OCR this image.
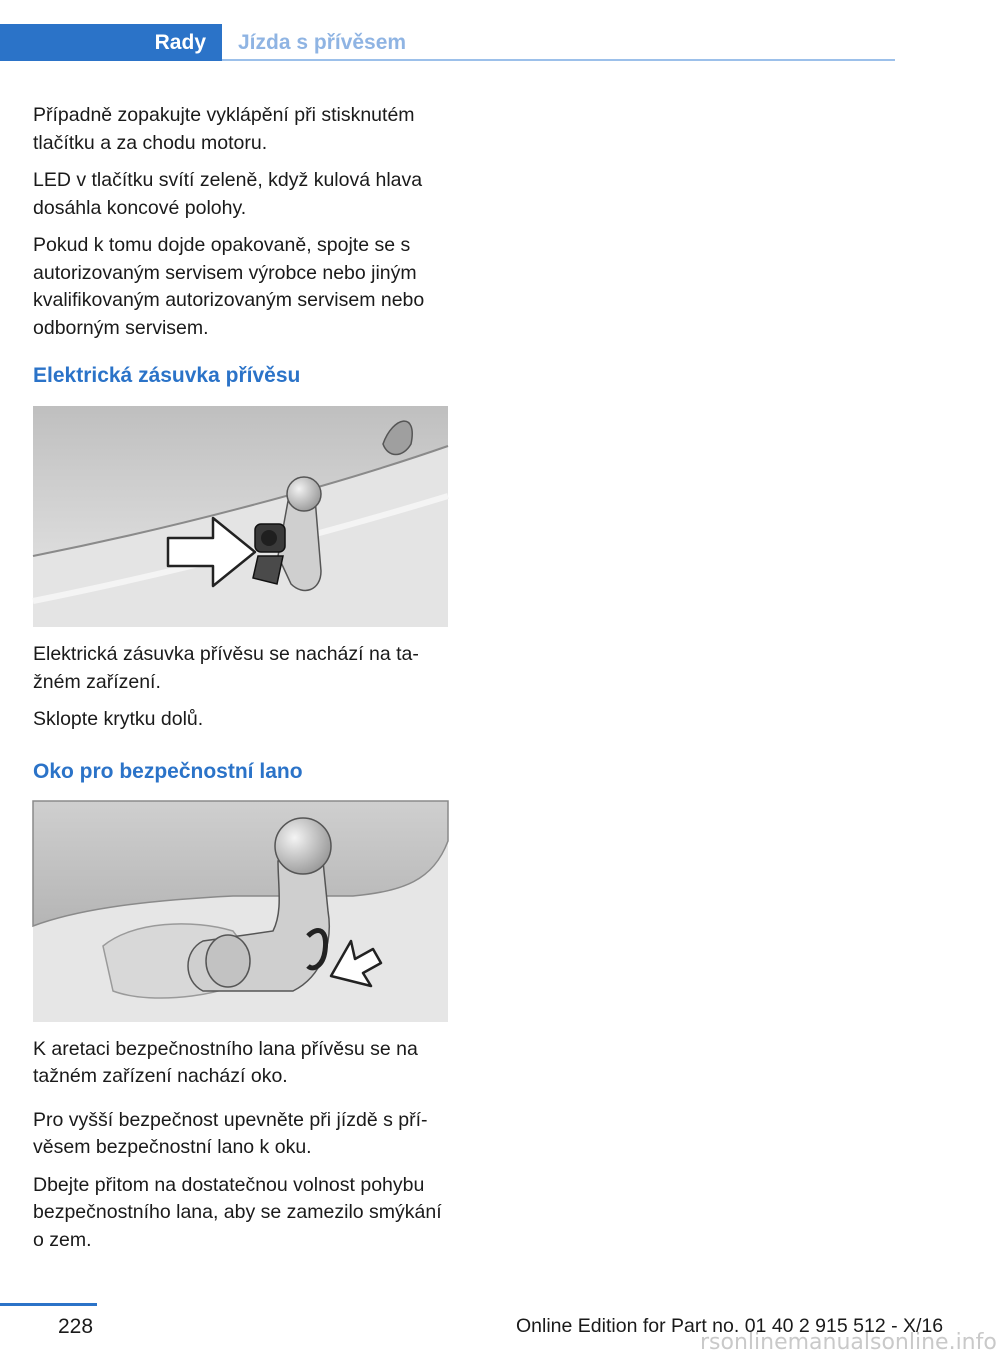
Rady	Jízda s přívěsem

Případně zopakujte vyklápění při stisknutém tlačítku a za chodu motoru.

LED v tlačítku svítí zeleně, když kulová hlava dosáhla koncové polohy.

Pokud k tomu dojde opakovaně, spojte se s autorizovaným servisem výrobce nebo jiným kvalifikovaným autorizovaným servisem nebo odborným servisem.

Elektrická zásuvka přívěsu

Elektrická zásuvka přívěsu se nachází na ta‐ žném zařízení.

Sklopte krytku dolů.

Oko pro bezpečnostní lano

K aretaci bezpečnostního lana přívěsu se na tažném zařízení nachází oko.

Pro vyšší bezpečnost upevněte při jízdě s pří‐ věsem bezpečnostní lano k oku.

Dbejte přitom na dostatečnou volnost pohybu bezpečnostního lana, aby se zamezilo smýkání o zem.

228	Online Edition for Part no. 01 40 2 915 512 - X/16
rsonlinemanualsonline.info
